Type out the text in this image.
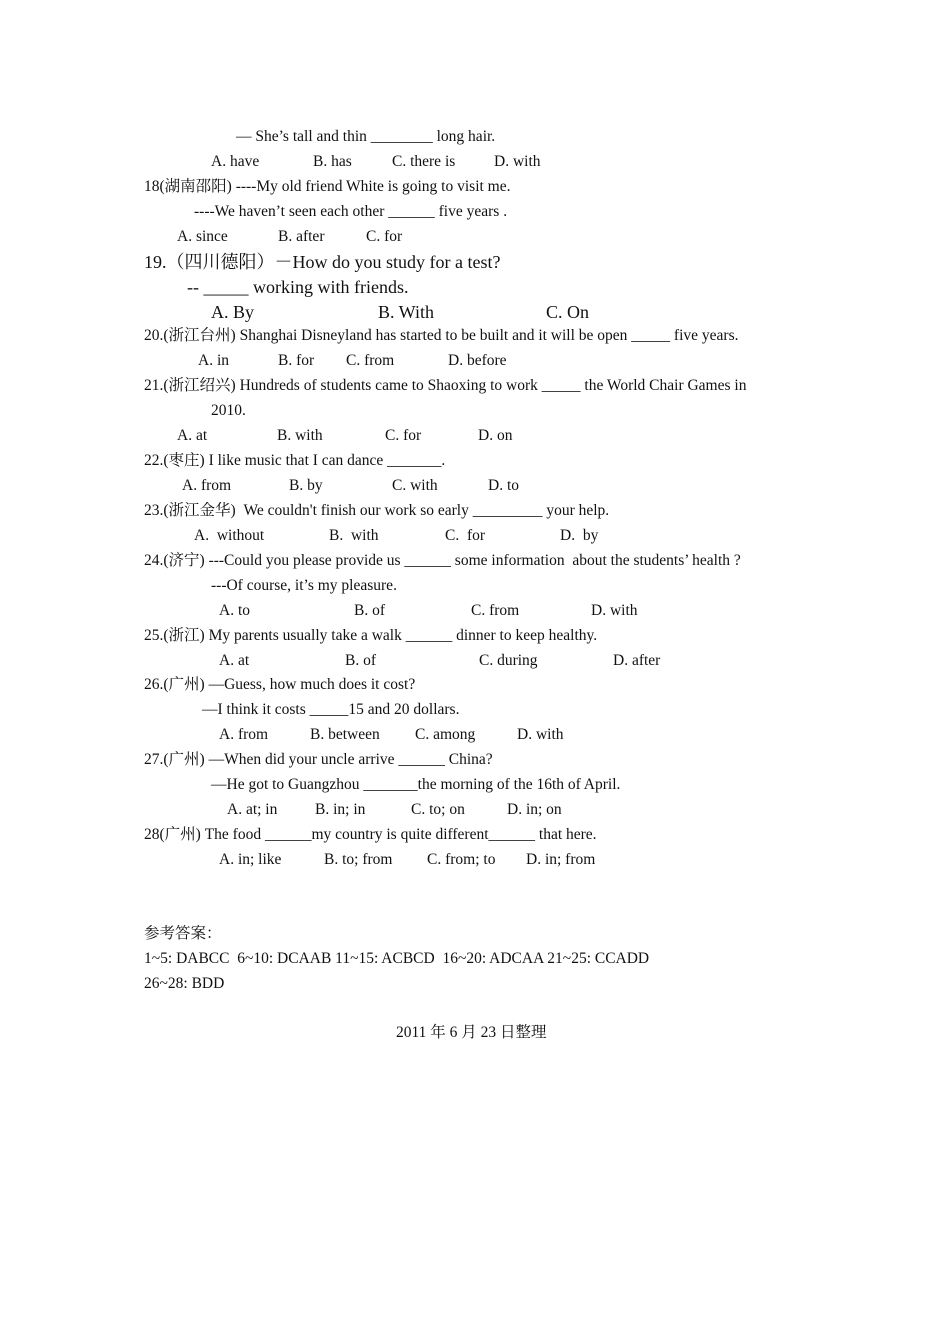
— She’s tall and thin ________ long hair.
A. have	B. has	C. there is D. with
18(湖南邵阳) ----My old friend White is going to visit me.
----We haven’t seen each other ______ five years .
A. since	B. after	C. for
19.（四川德阳）－How do you study for a test?
-- _____ working with friends.
A. By	B. With	C. On
20.(浙江台州) Shanghai Disneyland has started to be built and it will be open _____ five years.
A. in	B. for C. from	D. before
21.(浙江绍兴) Hundreds of students came to Shaoxing to work _____ the World Chair Games in
2010.
A. at	B. with	C. for	D. on
22.(枣庄) I like music that I can dance _______.
A. from	B. by	C. with	D. to
23.(浙江金华)  We couldn't finish our work so early _________ your help.
A.  without	B.  with	C.  for	D.  by
24.(济宁) ---Could you please provide us ______ some information  about the students’ health ?
---Of course, it’s my pleasure.
A. to	B. of	C. from	D. with
25.(浙江) My parents usually take a walk ______ dinner to keep healthy.
A. at	B. of	C. during	D. after
26.(广州) —Guess, how much does it cost?
—I think it costs _____15 and 20 dollars.
A. from	B. between C. among	D. with
27.(广州) —When did your uncle arrive ______ China?
—He got to Guangzhou _______the morning of the 16th of April.
A. at; in B. in; in	C. to; on	D. in; on
28(广州) The food ______my country is quite different______ that here.
A. in; like	B. to; from C. from; to D. in; from
参考答案：
1~5: DABCC  6~10: DCAAB 11~15: ACBCD  16~20: ADCAA 21~25: CCADD
26~28: BDD
2011 年 6 月 23 日整理
